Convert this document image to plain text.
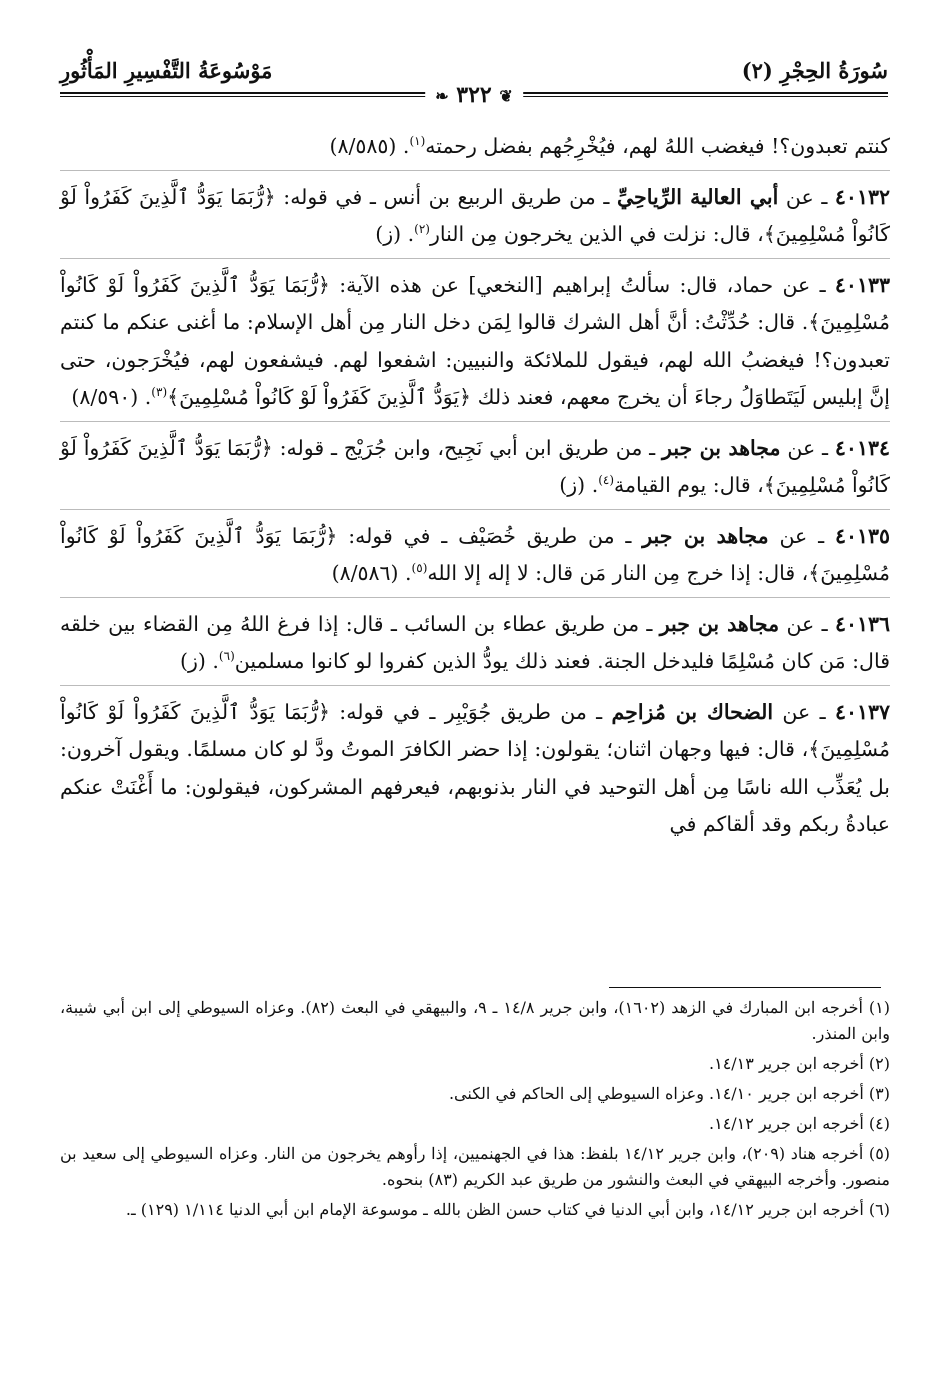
سُورَةُ الحِجْرِ (٢)
مَوْسُوعَةُ التَّفْسِيرِ المَأْثُورِ
❦ ٣٢٢ ❧

كنتم تعبدون؟! فيغضب اللهُ لهم، فيُخْرِجُهم بفضل رحمته$^{(١)}$. (٨/٥٨٥)

٤٠١٣٢ ـ عن أبي العالية الرِّياحِيِّ ـ من طريق الربيع بن أنس ـ في قوله: ﴿رُّبَمَا يَوَدُّ ٱلَّذِينَ كَفَرُواْ لَوْ كَانُواْ مُسْلِمِينَ﴾، قال: نزلت في الذين يخرجون مِن النار$^{(٢)}$. (ز)

٤٠١٣٣ ـ عن حماد، قال: سألتُ إبراهيم [النخعي] عن هذه الآية: ﴿رُّبَمَا يَوَدُّ ٱلَّذِينَ كَفَرُواْ لَوْ كَانُواْ مُسْلِمِينَ﴾. قال: حُدِّثْتُ: أنَّ أهل الشرك قالوا لِمَن دخل النار مِن أهل الإسلام: ما أغنى عنكم ما كنتم تعبدون؟! فيغضبُ الله لهم، فيقول للملائكة والنبيين: اشفعوا لهم. فيشفعون لهم، فيُخْرَجون، حتى إنَّ إبليس لَيَتَطاوَلُ رجاءَ أن يخرج معهم، فعند ذلك ﴿يَوَدُّ ٱلَّذِينَ كَفَرُواْ لَوْ كَانُواْ مُسْلِمِينَ﴾$^{(٣)}$. (٨/٥٩٠)

٤٠١٣٤ ـ عن مجاهد بن جبر ـ من طريق ابن أبي نَجِيح، وابن جُرَيْج ـ قوله: ﴿رُّبَمَا يَوَدُّ ٱلَّذِينَ كَفَرُواْ لَوْ كَانُواْ مُسْلِمِينَ﴾، قال: يوم القيامة$^{(٤)}$. (ز)

٤٠١٣٥ ـ عن مجاهد بن جبر ـ من طريق خُصَيْف ـ في قوله: ﴿رُّبَمَا يَوَدُّ ٱلَّذِينَ كَفَرُواْ لَوْ كَانُواْ مُسْلِمِينَ﴾، قال: إذا خرج مِن النار مَن قال: لا إله إلا الله$^{(٥)}$. (٨/٥٨٦)

٤٠١٣٦ ـ عن مجاهد بن جبر ـ من طريق عطاء بن السائب ـ قال: إذا فرغ اللهُ مِن القضاء بين خلقه قال: مَن كان مُسْلِمًا فليدخل الجنة. فعند ذلك يودُّ الذين كفروا لو كانوا مسلمين$^{(٦)}$. (ز)

٤٠١٣٧ ـ عن الضحاك بن مُزاحِم ـ من طريق جُوَيْبِر ـ في قوله: ﴿رُّبَمَا يَوَدُّ ٱلَّذِينَ كَفَرُواْ لَوْ كَانُواْ مُسْلِمِينَ﴾، قال: فيها وجهان اثنان؛ يقولون: إذا حضر الكافرَ الموتُ ودَّ لو كان مسلمًا. ويقول آخرون: بل يُعَذِّب الله ناسًا مِن أهل التوحيد في النار بذنوبهم، فيعرفهم المشركون، فيقولون: ما أَغْنَتْ عنكم عبادةُ ربكم وقد ألقاكم في

(١) أخرجه ابن المبارك في الزهد (١٦٠٢)، وابن جرير ١٤/٨ ـ ٩، والبيهقي في البعث (٨٢). وعزاه السيوطي إلى ابن أبي شيبة، وابن المنذر.

(٢) أخرجه ابن جرير ١٤/١٣.

(٣) أخرجه ابن جرير ١٤/١٠. وعزاه السيوطي إلى الحاكم في الكنى.

(٤) أخرجه ابن جرير ١٤/١٢.

(٥) أخرجه هناد (٢٠٩)، وابن جرير ١٤/١٢ بلفظ: هذا في الجهنميين، إذا رأوهم يخرجون من النار. وعزاه السيوطي إلى سعيد بن منصور. وأخرجه البيهقي في البعث والنشور من طريق عبد الكريم (٨٣) بنحوه.

(٦) أخرجه ابن جرير ١٤/١٢، وابن أبي الدنيا في كتاب حسن الظن بالله ـ موسوعة الإمام ابن أبي الدنيا ١/١١٤ (١٢٩) ـ.
